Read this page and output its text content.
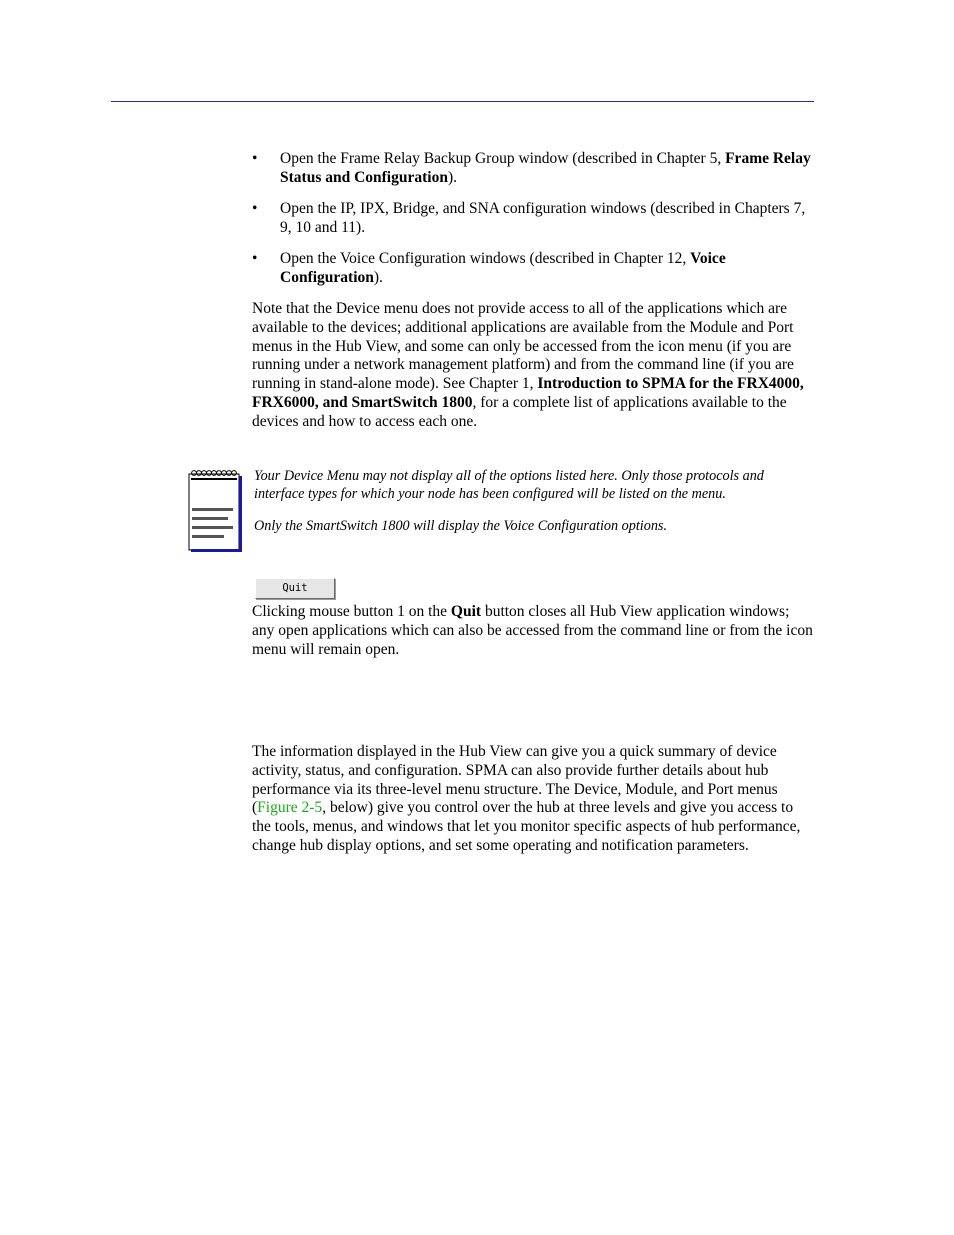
•	Open the Frame Relay Backup Group window (described in Chapter 5, Frame Relay Status and Configuration).
•	Open the IP, IPX, Bridge, and SNA configuration windows (described in Chapters 7, 9, 10 and 11).
•	Open the Voice Configuration windows (described in Chapter 12, Voice Configuration).

Note that the Device menu does not provide access to all of the applications which are available to the devices; additional applications are available from the Module and Port menus in the Hub View, and some can only be accessed from the icon menu (if you are running under a network management platform) and from the command line (if you are running in stand-alone mode). See Chapter 1, Introduction to SPMA for the FRX4000, FRX6000, and SmartSwitch 1800, for a complete list of applications available to the devices and how to access each one.

Your Device Menu may not display all of the options listed here. Only those protocols and interface types for which your node has been configured will be listed on the menu.

Only the SmartSwitch 1800 will display the Voice Configuration options.

Quit

Clicking mouse button 1 on the Quit button closes all Hub View application windows; any open applications which can also be accessed from the command line or from the icon menu will remain open.

The information displayed in the Hub View can give you a quick summary of device activity, status, and configuration. SPMA can also provide further details about hub performance via its three-level menu structure. The Device, Module, and Port menus (Figure 2-5, below) give you control over the hub at three levels and give you access to the tools, menus, and windows that let you monitor specific aspects of hub performance, change hub display options, and set some operating and notification parameters.
